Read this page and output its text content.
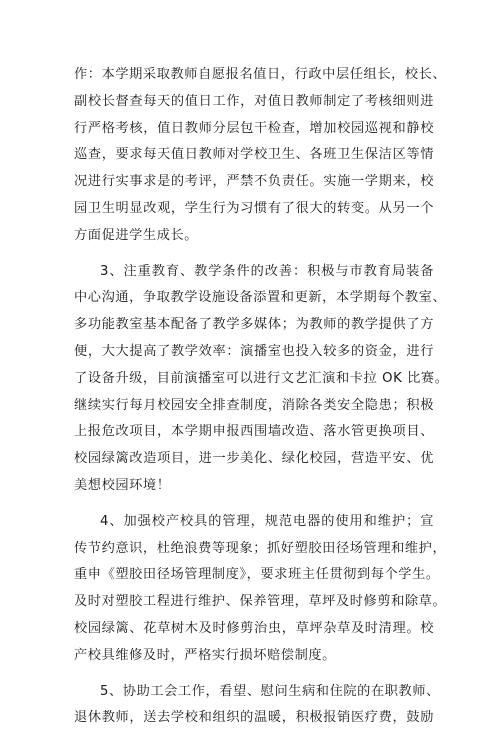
作：本学期采取教师自愿报名值日，行政中层任组长，校长、
副校长督查每天的值日工作，对值日教师制定了考核细则进
行严格考核，值日教师分层包干检查，增加校园巡视和静校
巡查，要求每天值日教师对学校卫生、各班卫生保洁区等情
况进行实事求是的考评，严禁不负责任。实施一学期来，校
园卫生明显改观，学生行为习惯有了很大的转变。从另一个
方面促进学生成长。
3、注重教育、教学条件的改善：积极与市教育局装备
中心沟通，争取教学设施设备添置和更新，本学期每个教室、
多功能教室基本配备了教学多媒体；为教师的教学提供了方
便，大大提高了教学效率：演播室也投入较多的资金，进行
了设备升级，目前演播室可以进行文艺汇演和卡拉 OK 比赛。
继续实行每月校园安全排查制度，消除各类安全隐患；积极
上报危改项目，本学期申报西围墙改造、落水管更换项目、
校园绿篱改造项目，进一步美化、绿化校园，营造平安、优
美想校园环境！
4、加强校产校具的管理，规范电器的使用和维护；宣
传节约意识，杜绝浪费等现象；抓好塑胶田径场管理和维护，
重申《塑胶田径场管理制度》，要求班主任贯彻到每个学生。
及时对塑胶工程进行维护、保养管理，草坪及时修剪和除草。
校园绿篱、花草树木及时修剪治虫，草坪杂草及时清理。校
产校具维修及时，严格实行损坏赔偿制度。
5、协助工会工作，看望、慰问生病和住院的在职教师、
退休教师，送去学校和组织的温暖，积极报销医疗费，鼓励
